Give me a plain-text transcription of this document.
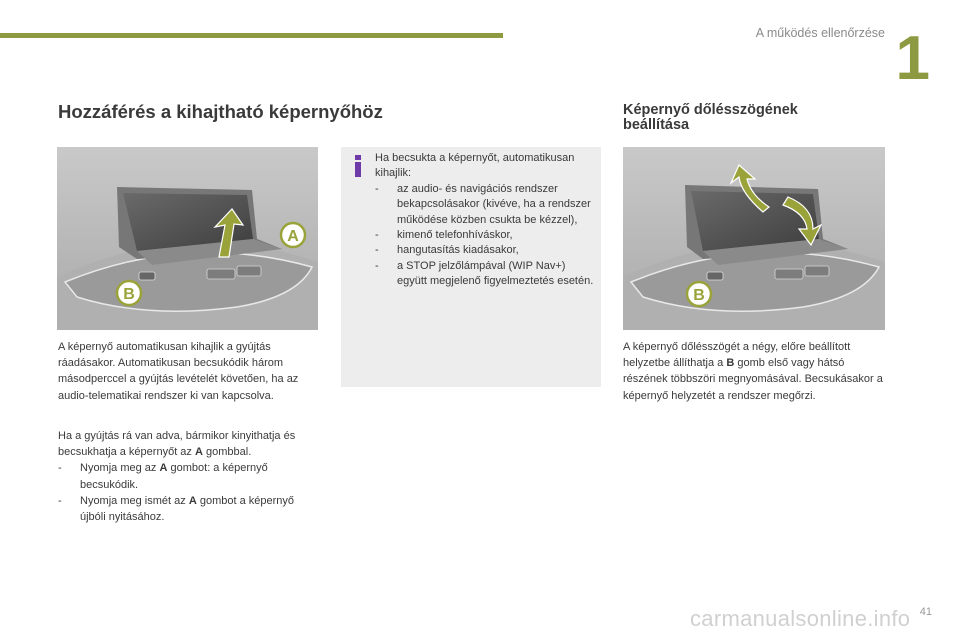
A működés ellenőrzése 1
Hozzáférés a kihajtható képernyőhöz	Képernyő dőlésszögének beállítása
A
B	B
A képernyő automatikusan kihajlik a gyújtás ráadásakor. Automatikusan becsukódik három másodperccel a gyújtás levételét követően, ha az audio-telematikai rendszer ki van kapcsolva.
Ha a gyújtás rá van adva, bármikor kinyithatja és becsukhatja a képernyőt az A gombbal.
-	Nyomja meg az A gombot: a képernyő becsukódik.
-	Nyomja meg ismét az A gombot a képernyő újbóli nyitásához.
Ha becsukta a képernyőt, automatikusan kihajlik:
-	az audio- és navigációs rendszer bekapcsolásakor (kivéve, ha a rendszer működése közben csukta be kézzel),
-	kimenő telefonhíváskor,
-	hangutasítás kiadásakor,
-	a STOP jelzőlámpával (WIP Nav+) együtt megjelenő figyelmeztetés esetén.
A képernyő dőlésszögét a négy, előre beállított helyzetbe állíthatja a B gomb első vagy hátsó részének többszöri megnyomásával. Becsukásakor a képernyő helyzetét a rendszer megőrzi.
carmanualsonline.info 41
